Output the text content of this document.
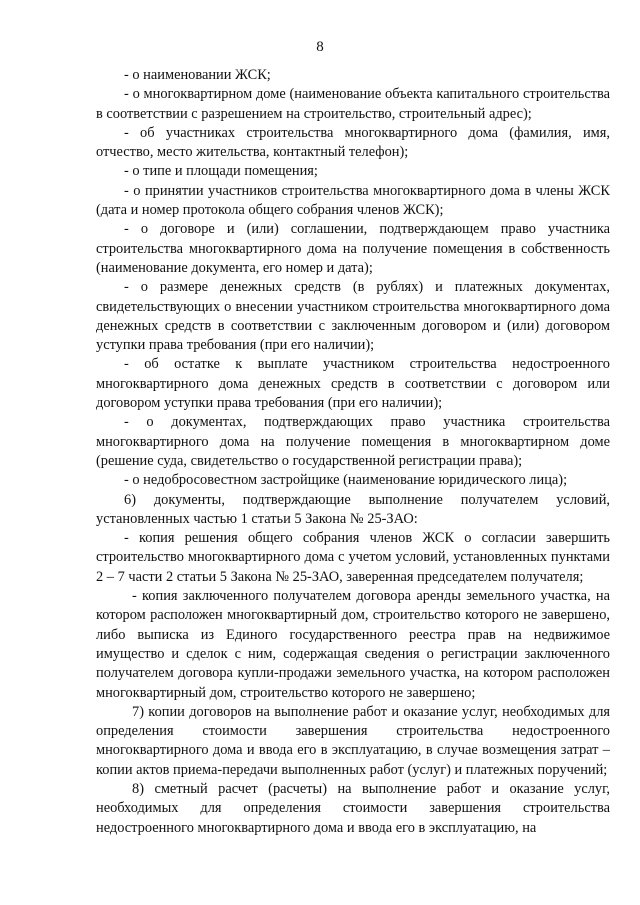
8

- о наименовании ЖСК;

- о многоквартирном доме (наименование объекта капитального строительства в соответствии с разрешением на строительство, строительный адрес);

- об участниках строительства многоквартирного дома (фамилия, имя, отчество, место жительства, контактный телефон);

- о типе и площади помещения;

- о принятии участников строительства многоквартирного дома в члены ЖСК (дата и номер протокола общего собрания членов ЖСК);

- о договоре и (или) соглашении, подтверждающем право участника строительства многоквартирного дома на получение помещения в собственность (наименование документа, его номер и дата);

- о размере денежных средств (в рублях) и платежных документах, свидетельствующих о внесении участником строительства многоквартирного дома денежных средств в соответствии с заключенным договором и (или) договором уступки права требования (при его наличии);

- об остатке к выплате участником строительства недостроенного многоквартирного дома денежных средств в соответствии с договором или договором уступки права требования (при его наличии);

- о документах, подтверждающих право участника строительства многоквартирного дома на получение помещения в многоквартирном доме (решение суда, свидетельство о государственной регистрации права);

- о недобросовестном застройщике (наименование юридического лица);

6) документы, подтверждающие выполнение получателем условий, установленных частью 1 статьи 5 Закона № 25-ЗАО:

- копия решения общего собрания членов ЖСК о согласии завершить строительство многоквартирного дома с учетом условий, установленных пунктами 2 – 7 части 2 статьи 5 Закона № 25-ЗАО, заверенная председателем получателя;

- копия заключенного получателем договора аренды земельного участка, на котором расположен многоквартирный дом, строительство которого не завершено, либо выписка из Единого государственного реестра прав на недвижимое имущество и сделок с ним, содержащая сведения о регистрации заключенного получателем договора купли-продажи земельного участка, на котором расположен многоквартирный дом, строительство которого не завершено;

7) копии договоров на выполнение работ и оказание услуг, необходимых для определения стоимости завершения строительства недостроенного многоквартирного дома и ввода его в эксплуатацию, в случае возмещения затрат – копии актов приема-передачи выполненных работ (услуг) и платежных поручений;

8) сметный расчет (расчеты) на выполнение работ и оказание услуг, необходимых для определения стоимости завершения строительства недостроенного многоквартирного дома и ввода его в эксплуатацию, на
